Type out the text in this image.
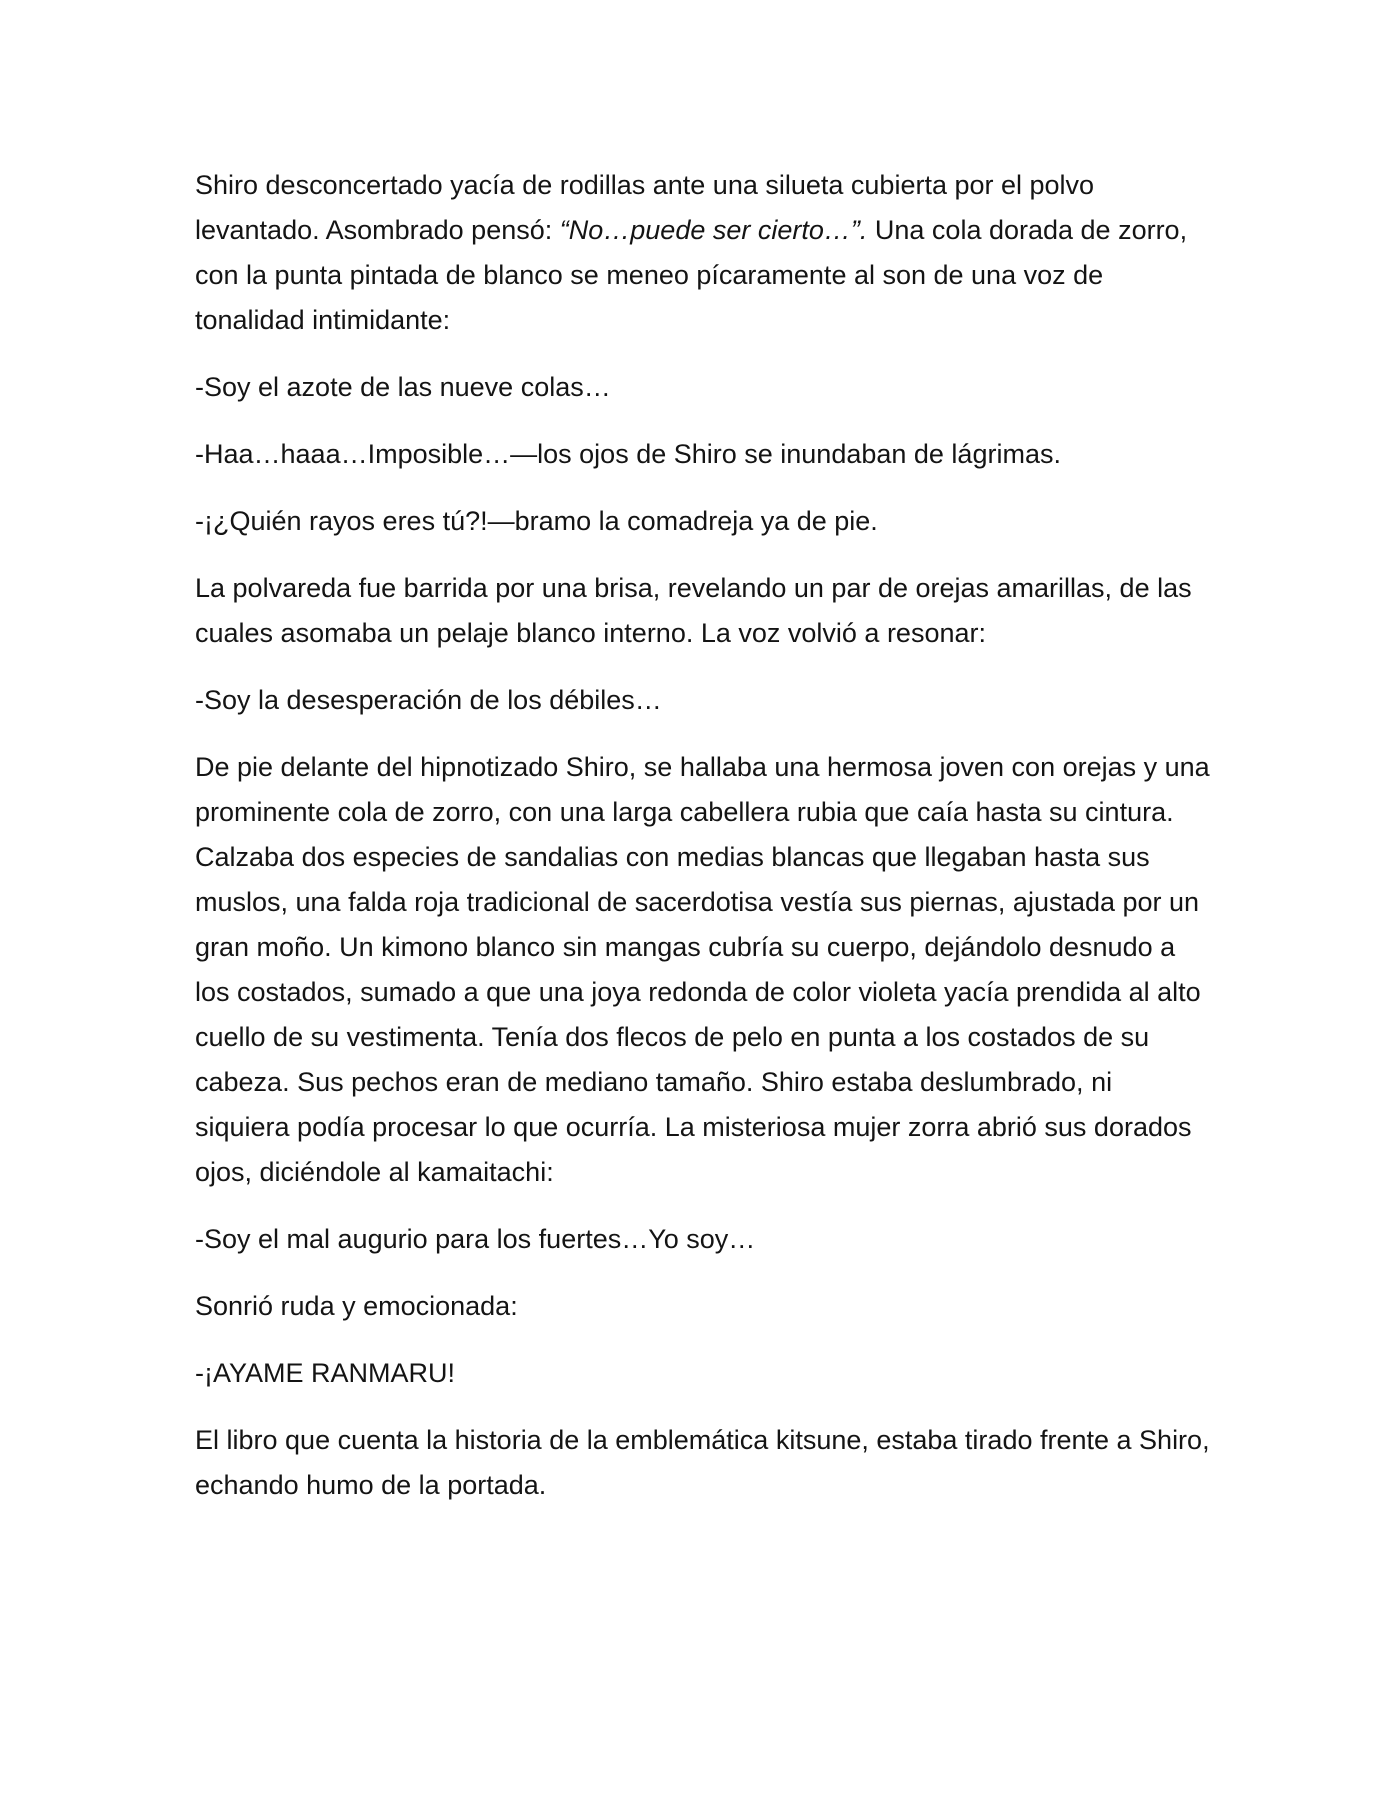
Shiro desconcertado yacía de rodillas ante una silueta cubierta por el polvo levantado. Asombrado pensó: “No…puede ser cierto…”. Una cola dorada de zorro, con la punta pintada de blanco se meneo pícaramente al son de una voz de tonalidad intimidante:

-Soy el azote de las nueve colas…

-Haa…haaa…Imposible…—los ojos de Shiro se inundaban de lágrimas.

-¡¿Quién rayos eres tú?!—bramo la comadreja ya de pie.

La polvareda fue barrida por una brisa, revelando un par de orejas amarillas, de las cuales asomaba un pelaje blanco interno. La voz volvió a resonar:

-Soy la desesperación de los débiles…

De pie delante del hipnotizado Shiro, se hallaba una hermosa joven con orejas y una prominente cola de zorro, con una larga cabellera rubia que caía hasta su cintura. Calzaba dos especies de sandalias con medias blancas que llegaban hasta sus muslos, una falda roja tradicional de sacerdotisa vestía sus piernas, ajustada por un gran moño. Un kimono blanco sin mangas cubría su cuerpo, dejándolo desnudo a los costados, sumado a que una joya redonda de color violeta yacía prendida al alto cuello de su vestimenta. Tenía dos flecos de pelo en punta a los costados de su cabeza. Sus pechos eran de mediano tamaño. Shiro estaba deslumbrado, ni siquiera podía procesar lo que ocurría. La misteriosa mujer zorra abrió sus dorados ojos, diciéndole al kamaitachi:

-Soy el mal augurio para los fuertes…Yo soy…

Sonrió ruda y emocionada:

-¡AYAME RANMARU!

El libro que cuenta la historia de la emblemática kitsune, estaba tirado frente a Shiro, echando humo de la portada.
